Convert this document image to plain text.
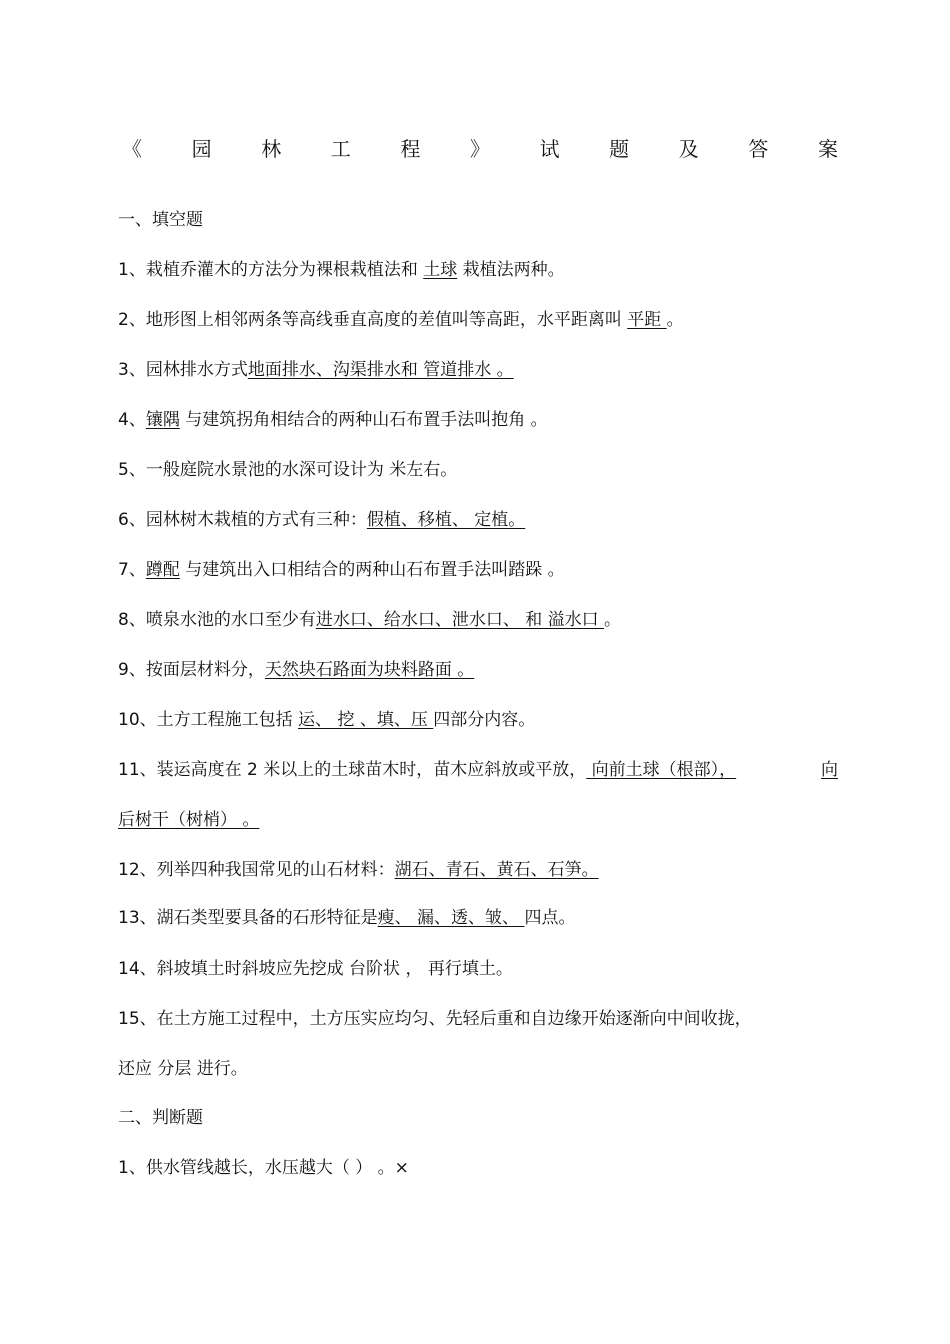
《 园 林 工 程 》 试 题 及 答 案
一、填空题
1、栽植乔灌木的方法分为裸根栽植法和 土球 栽植法两种。
2、地形图上相邻两条等高线垂直高度的差值叫等高距，水平距离叫 平距 。
3、园林排水方式地面排水、沟渠排水和 管道排水 。
4、镶隅 与建筑拐角相结合的两种山石布置手法叫抱角 。
5、一般庭院水景池的水深可设计为 米左右。
6、园林树木栽植的方式有三种：假植、移植、 定植。
7、蹲配 与建筑出入口相结合的两种山石布置手法叫踏跺 。
8、喷泉水池的水口至少有进水口、给水口、泄水口、 和 溢水口 。
9、按面层材料分，天然块石路面为块料路面 。
10、土方工程施工包括 运、 挖 、填、压 四部分内容。
11、装运高度在 2 米以上的土球苗木时，苗木应斜放或平放， 向前土球（根部），	向
后树干（树梢） 。
12、列举四种我国常见的山石材料：湖石、青石、黄石、石笋。
13、湖石类型要具备的石形特征是瘦、 漏、透、皱、 四点。
14、斜坡填土时斜坡应先挖成 台阶状 ， 再行填土。
15、在土方施工过程中，土方压实应均匀、先轻后重和自边缘开始逐渐向中间收拢，
还应 分层 进行。
二、判断题
1、供水管线越长，水压越大（ ） 。×
